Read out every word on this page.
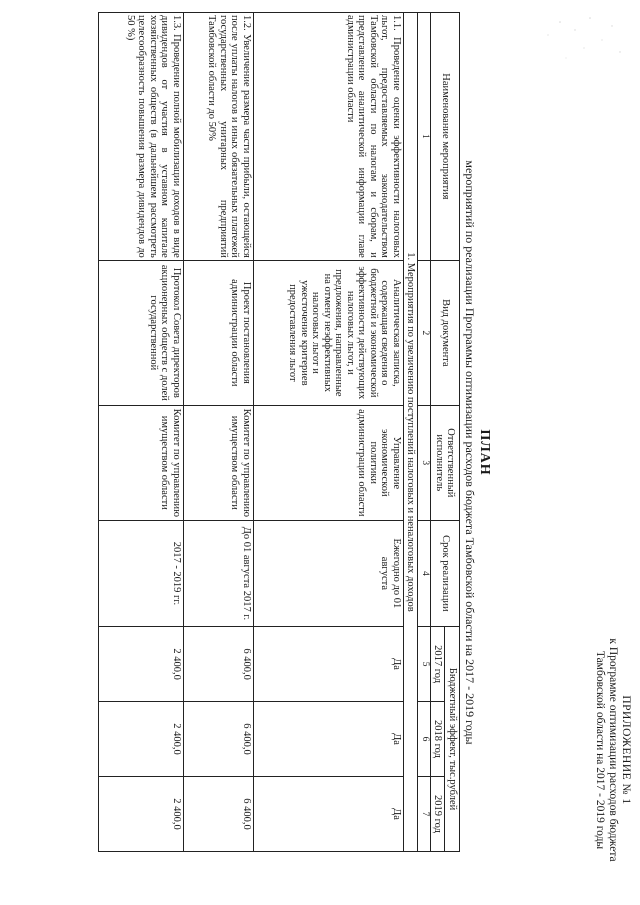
ПРИЛОЖЕНИЕ № 1
к Программе оптимизации расходов бюджета
Тамбовской области на 2017 - 2019 годы
ПЛАН
мероприятий по реализации Программы оптимизации расходов бюджета Тамбовской области на 2017 - 2019 годы
Наименование мероприятия	Вид документа	Ответственный исполнитель	Срок реализации	Бюджетный эффект, тыс.рублей		
				2017 год	2018 год	2019 год
1	2	3	4	5	6	7
1. Мероприятия по увеличению поступлений налоговых и неналоговых доходов						
1.1. Проведение оценки эффективности налоговых льгот, предоставляемых законодательством Тамбовской области по налогам и сборам, и представление аналитической информации главе администрации области	Аналитическая записка, содержащая сведения о бюджетной и экономической эффективности действующих налоговых льгот, и предложения, направленные на отмену неэффективных налоговых льгот и ужесточение критериев предоставления льгот	Управление экономической политики администрации области	Ежегодно до 01 августа	Да	Да	Да
1.2. Увеличение размера части прибыли, остающейся после уплаты налогов и иных обязательных платежей государственных унитарных предприятий Тамбовской области до 50%	Проект постановления администрации области	Комитет по управлению имуществом области	До 01 августа 2017 г.	6 400,0	6 400,0	6 400,0
1.3. Проведение полной мобилизации доходов в виде дивидендов от участия в уставном капитале хозяйственных обществ (в дальнейшем рассмотреть целесообразность повышения размера дивидендов до 50 %)	Протокол Совета директоров акционерных обществ с долей государственной	Комитет по управлению имуществом области	2017 - 2019 гг.	2 400,0	2 400,0	2 400,0
